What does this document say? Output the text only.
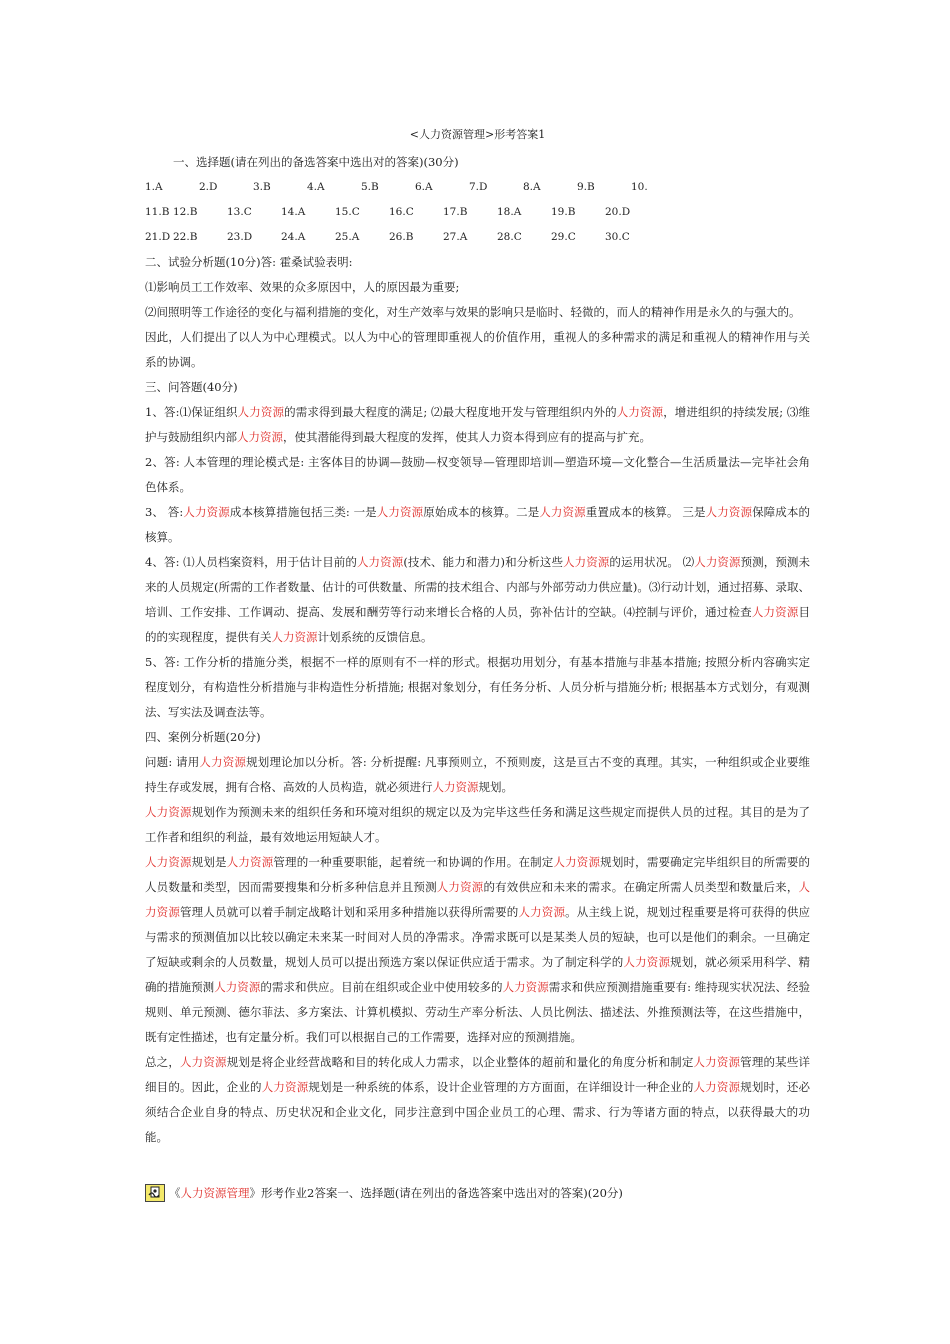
<人力资源管理>形考答案1

一、选择题(请在列出的备选答案中选出对的答案)(30分)

1.A	2.D	3.B	4.A	5.B	6.A	7.D	8.A	9.B	10.
11.B 12.B	13.C	14.A	15.C	16.C	17.B	18.A	19.B	20.D
21.D 22.B	23.D	24.A	25.A	26.B	27.A	28.C	29.C	30.C

二、试验分析题(10分)答: 霍桑试验表明:

⑴影响员工工作效率、效果的众多原因中，人的原因最为重要;

⑵间照明等工作途径的变化与福利措施的变化，对生产效率与效果的影响只是临时、轻微的，而人的精神作用是永久的与强大的。

因此，人们提出了以人为中心理模式。以人为中心的管理即重视人的价值作用，重视人的多种需求的满足和重视人的精神作用与关系的协调。

三、问答题(40分)

1、答:⑴保证组织人力资源的需求得到最大程度的满足; ⑵最大程度地开发与管理组织内外的人力资源，增进组织的持续发展; ⑶维护与鼓励组织内部人力资源，使其潜能得到最大程度的发挥，使其人力资本得到应有的提高与扩充。

2、答: 人本管理的理论模式是: 主客体目的协调—鼓励—权变领导—管理即培训—塑造环境—文化整合—生活质量法—完毕社会角色体系。

3、 答:人力资源成本核算措施包括三类: 一是人力资源原始成本的核算。二是人力资源重置成本的核算。 三是人力资源保障成本的核算。

4、答: ⑴人员档案资料，用于估计目前的人力资源(技术、能力和潜力)和分析这些人力资源的运用状况。 ⑵人力资源预测，预测未来的人员规定(所需的工作者数量、估计的可供数量、所需的技术组合、内部与外部劳动力供应量)。⑶行动计划，通过招募、录取、培训、工作安排、工作调动、提高、发展和酬劳等行动来增长合格的人员，弥补估计的空缺。⑷控制与评价，通过检查人力资源目的的实现程度，提供有关人力资源计划系统的反馈信息。

5、答: 工作分析的措施分类，根据不一样的原则有不一样的形式。根据功用划分，有基本措施与非基本措施; 按照分析内容确实定程度划分，有构造性分析措施与非构造性分析措施; 根据对象划分，有任务分析、人员分析与措施分析; 根据基本方式划分，有观测法、写实法及调查法等。

四、案例分析题(20分)

问题: 请用人力资源规划理论加以分析。答: 分析提醒: 凡事预则立，不预则废，这是亘古不变的真理。其实，一种组织或企业要维持生存或发展，拥有合格、高效的人员构造，就必须进行人力资源规划。

人力资源规划作为预测未来的组织任务和环境对组织的规定以及为完毕这些任务和满足这些规定而提供人员的过程。其目的是为了工作者和组织的利益，最有效地运用短缺人才。

人力资源规划是人力资源管理的一种重要职能，起着统一和协调的作用。在制定人力资源规划时，需要确定完毕组织目的所需要的人员数量和类型，因而需要搜集和分析多种信息并且预测人力资源的有效供应和未来的需求。在确定所需人员类型和数量后来，人力资源管理人员就可以着手制定战略计划和采用多种措施以获得所需要的人力资源。从主线上说，规划过程重要是将可获得的供应与需求的预测值加以比较以确定未来某一时间对人员的净需求。净需求既可以是某类人员的短缺，也可以是他们的剩余。一旦确定了短缺或剩余的人员数量，规划人员可以提出预选方案以保证供应适于需求。为了制定科学的人力资源规划，就必须采用科学、精确的措施预测人力资源的需求和供应。目前在组织或企业中使用较多的人力资源需求和供应预测措施重要有: 维持现实状况法、经验规则、单元预测、德尔菲法、多方案法、计算机模拟、劳动生产率分析法、人员比例法、描述法、外推预测法等，在这些措施中，既有定性描述，也有定量分析。我们可以根据自己的工作需要，选择对应的预测措施。

总之，人力资源规划是将企业经营战略和目的转化成人力需求，以企业整体的超前和量化的角度分析和制定人力资源管理的某些详细目的。因此，企业的人力资源规划是一种系统的体系，设计企业管理的方方面面，在详细设计一种企业的人力资源规划时，还必须结合企业自身的特点、历史状况和企业文化，同步注意到中国企业员工的心理、需求、行为等诸方面的特点，以获得最大的功能。

《 人力资源管理 》形考作业2答案一、选择题(请在列出的备选答案中选出对的答案)(20分)
